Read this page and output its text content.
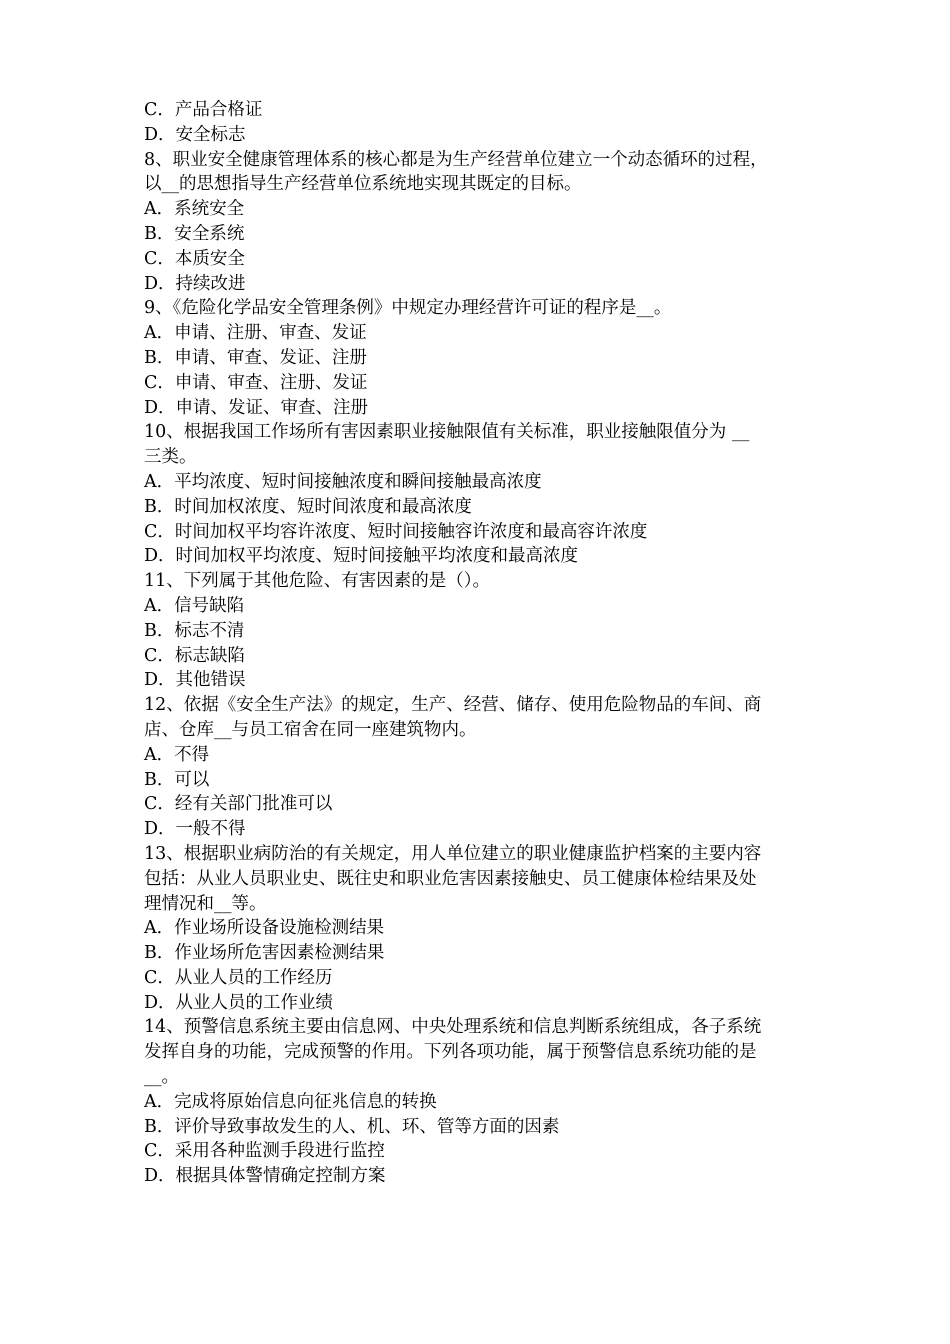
C．产品合格证
D．安全标志
8、职业安全健康管理体系的核心都是为生产经营单位建立一个动态循环的过程，
以__的思想指导生产经营单位系统地实现其既定的目标。
A．系统安全
B．安全系统
C．本质安全
D．持续改进
9、《危险化学品安全管理条例》中规定办理经营许可证的程序是__。
A．申请、注册、审查、发证
B．申请、审查、发证、注册
C．申请、审查、注册、发证
D．申请、发证、审查、注册
10、根据我国工作场所有害因素职业接触限值有关标准，职业接触限值分为 __
三类。
A．平均浓度、短时间接触浓度和瞬间接触最高浓度
B．时间加权浓度、短时间浓度和最高浓度
C．时间加权平均容许浓度、短时间接触容许浓度和最高容许浓度
D．时间加权平均浓度、短时间接触平均浓度和最高浓度
11、下列属于其他危险、有害因素的是（）。
A．信号缺陷
B．标志不清
C．标志缺陷
D．其他错误
12、依据《安全生产法》的规定，生产、经营、储存、使用危险物品的车间、商
店、仓库__与员工宿舍在同一座建筑物内。
A．不得
B．可以
C．经有关部门批准可以
D．一般不得
13、根据职业病防治的有关规定，用人单位建立的职业健康监护档案的主要内容
包括：从业人员职业史、既往史和职业危害因素接触史、员工健康体检结果及处
理情况和__等。
A．作业场所设备设施检测结果
B．作业场所危害因素检测结果
C．从业人员的工作经历
D．从业人员的工作业绩
14、预警信息系统主要由信息网、中央处理系统和信息判断系统组成，各子系统
发挥自身的功能，完成预警的作用。下列各项功能，属于预警信息系统功能的是
__。
A．完成将原始信息向征兆信息的转换
B．评价导致事故发生的人、机、环、管等方面的因素
C．采用各种监测手段进行监控
D．根据具体警情确定控制方案
